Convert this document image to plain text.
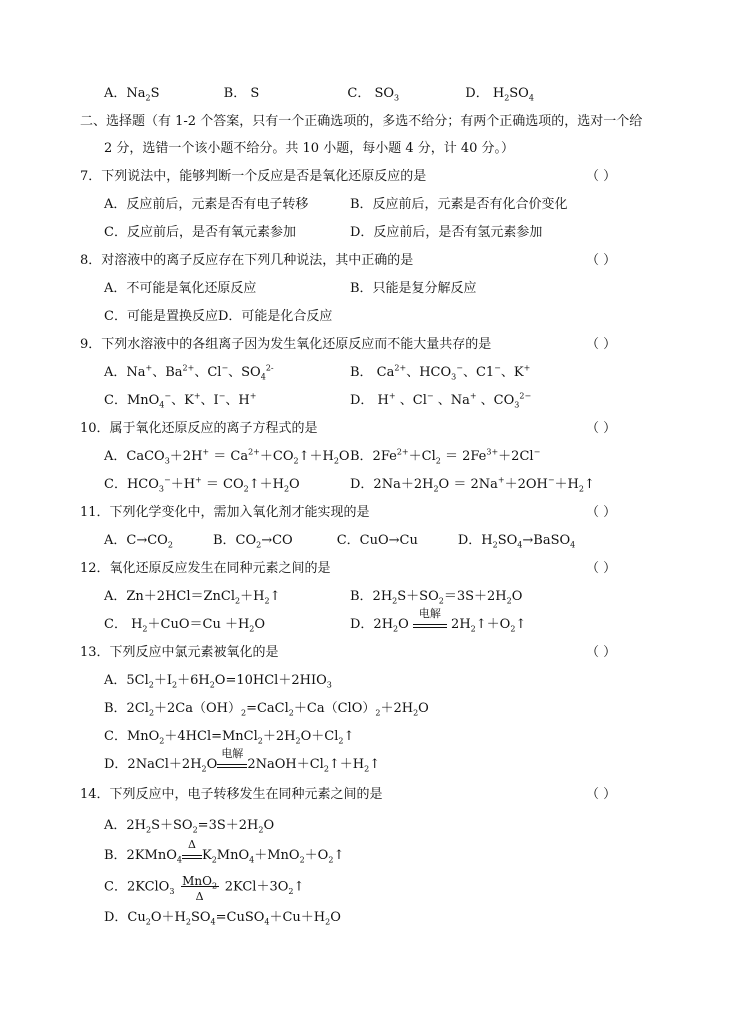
A．$Na_2S$	B． S	C． $SO_3$	D． $H_2SO_4$
二、选择题（有 1-2 个答案，只有一个正确选项的，多选不给分；有两个正确选项的，选对一个给
2 分，选错一个该小题不给分。共 10 小题，每小题 4 分，计 40 分。）
7．下列说法中，能够判断一个反应是否是氧化还原反应的是	（ ）
A．反应前后，元素是否有电子转移	B．反应前后，元素是否有化合价变化
C．反应前后，是否有氧元素参加	D．反应前后，是否有氢元素参加
8．对溶液中的离子反应存在下列几种说法，其中正确的是	（ ）
A．不可能是氧化还原反应	B．只能是复分解反应
C．可能是置换反应D．可能是化合反应
9．下列水溶液中的各组离子因为发生氧化还原反应而不能大量共存的是	（ ）
A．Na+、$Ba^{2+}$、Cl−、$SO_4^{2-}$	B． $Ca^{2+}$、$HCO_3^-$、C1−、K+
C．MnO$_4$−、K+、I−、H+	D． H+ 、Cl− 、Na+ 、$CO_3^{2-}$
10．属于氧化还原反应的离子方程式的是	（ ）
A．CaCO$_3$＋2H+ ＝ $Ca^{2+}+CO_2↑+H_2O$ B．$2Fe^{2+}+Cl_2 = 2Fe^{3+}+2Cl^-$
C．$HCO_3^-+H^+$ ＝ $CO_2↑+H_2O$	D．$2Na+2H_2O$ ＝ $2Na^++2OH^-+H_2↑$
11．下列化学变化中，需加入氧化剂才能实现的是	（ ）
A．$C\to CO_2$	B．$CO_2\to CO$	C．CuO→Cu	D．$H_2SO_4\to BaSO_4$
12．氧化还原反应发生在同种元素之间的是	（ ）
A．$Zn+2HCl=ZnCl_2+H_2↑$	B．$2H_2S+SO_2=3S+2H_2O$
C． $H_2+CuO=Cu +H_2O$	D．$2H_2O$
电解
$2H_2↑+O_2↑$
13．下列反应中氯元素被氧化的是	（ ）
A．$5Cl_2+I_2+6H_2O=10HCl+2HIO_3$
B．$2Cl_2+2Ca(OH)_2=CaCl_2+Ca(ClO)_2+2H_2O$
C．$MnO_2+4HCl=MnCl_2+2H_2O+Cl_2↑$
D．$2NaCl+2H_2O$
电解
$2NaOH+Cl_2↑+H_2↑$
14．下列反应中，电子转移发生在同种元素之间的是	（ ）
A．$2H_2S+SO_2=3S+2H_2O$
B．2KMnO$_4$
Δ
$K_2MnO_4+MnO_2+O_2↑$
C．2KClO$_3$
MnO$_2$
Δ
$2KCl+3O_2↑$
D．$Cu_2O+H_2SO_4=CuSO_4+Cu+H_2O$
